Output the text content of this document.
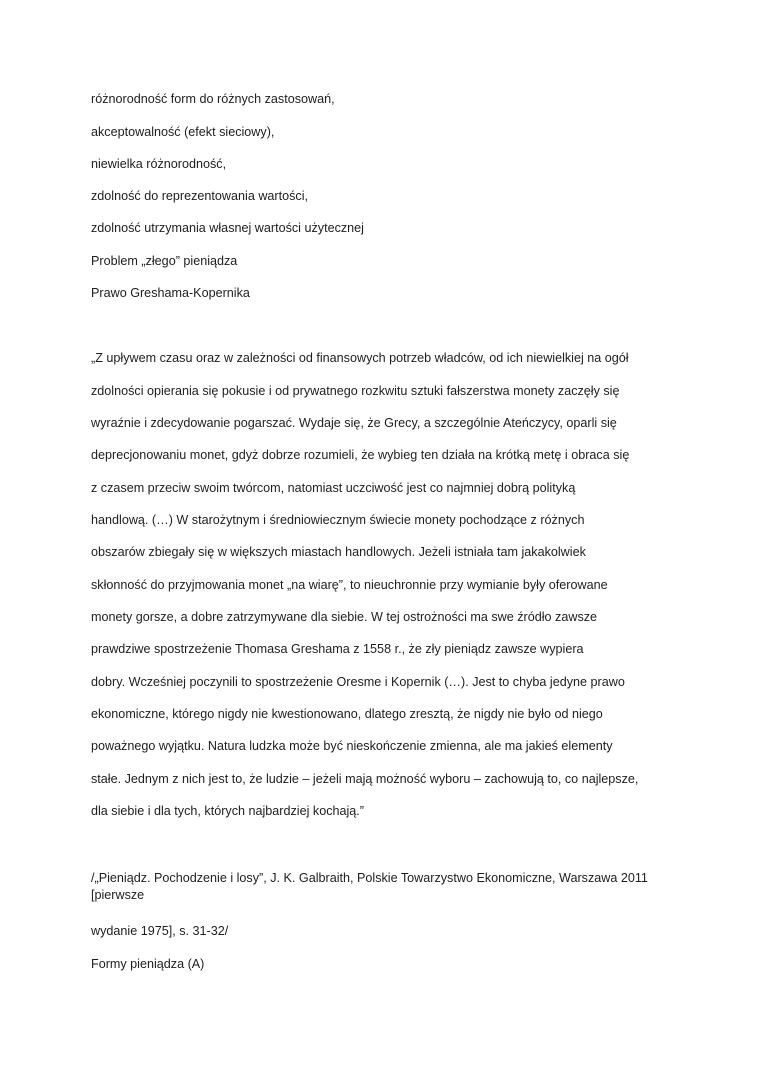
różnorodność form do różnych zastosowań,
akceptowalność (efekt sieciowy),
niewielka różnorodność,
zdolność do reprezentowania wartości,
zdolność utrzymania własnej wartości użytecznej
Problem „złego” pieniądza
Prawo Greshama-Kopernika
„Z upływem czasu oraz w zależności od finansowych potrzeb władców, od ich niewielkiej na ogół
zdolności opierania się pokusie i od prywatnego rozkwitu sztuki fałszerstwa monety zaczęły się
wyraźnie i zdecydowanie pogarszać. Wydaje się, że Grecy, a szczególnie Ateńczycy, oparli się
deprecjonowaniu monet, gdyż dobrze rozumieli, że wybieg ten działa na krótką metę i obraca się
z czasem przeciw swoim twórcom, natomiast uczciwość jest co najmniej dobrą polityką
handlową. (…) W starożytnym i średniowiecznym świecie monety pochodzące z różnych
obszarów zbiegały się w większych miastach handlowych. Jeżeli istniała tam jakakolwiek
skłonność do przyjmowania monet „na wiarę”, to nieuchronnie przy wymianie były oferowane
monety gorsze, a dobre zatrzymywane dla siebie. W tej ostrożności ma swe źródło zawsze
prawdziwe spostrzeżenie Thomasa Greshama z 1558 r., że zły pieniądz zawsze wypiera
dobry. Wcześniej poczynili to spostrzeżenie Oresme i Kopernik (…). Jest to chyba jedyne prawo
ekonomiczne, którego nigdy nie kwestionowano, dlatego zresztą, że nigdy nie było od niego
poważnego wyjątku. Natura ludzka może być nieskończenie zmienna, ale ma jakieś elementy
stałe. Jednym z nich jest to, że ludzie – jeżeli mają możność wyboru – zachowują to, co najlepsze,
dla siebie i dla tych, których najbardziej kochają.”
/„Pieniądz. Pochodzenie i losy”, J. K. Galbraith, Polskie Towarzystwo Ekonomiczne, Warszawa 2011 [pierwsze
wydanie 1975], s. 31-32/
Formy pieniądza (A)
